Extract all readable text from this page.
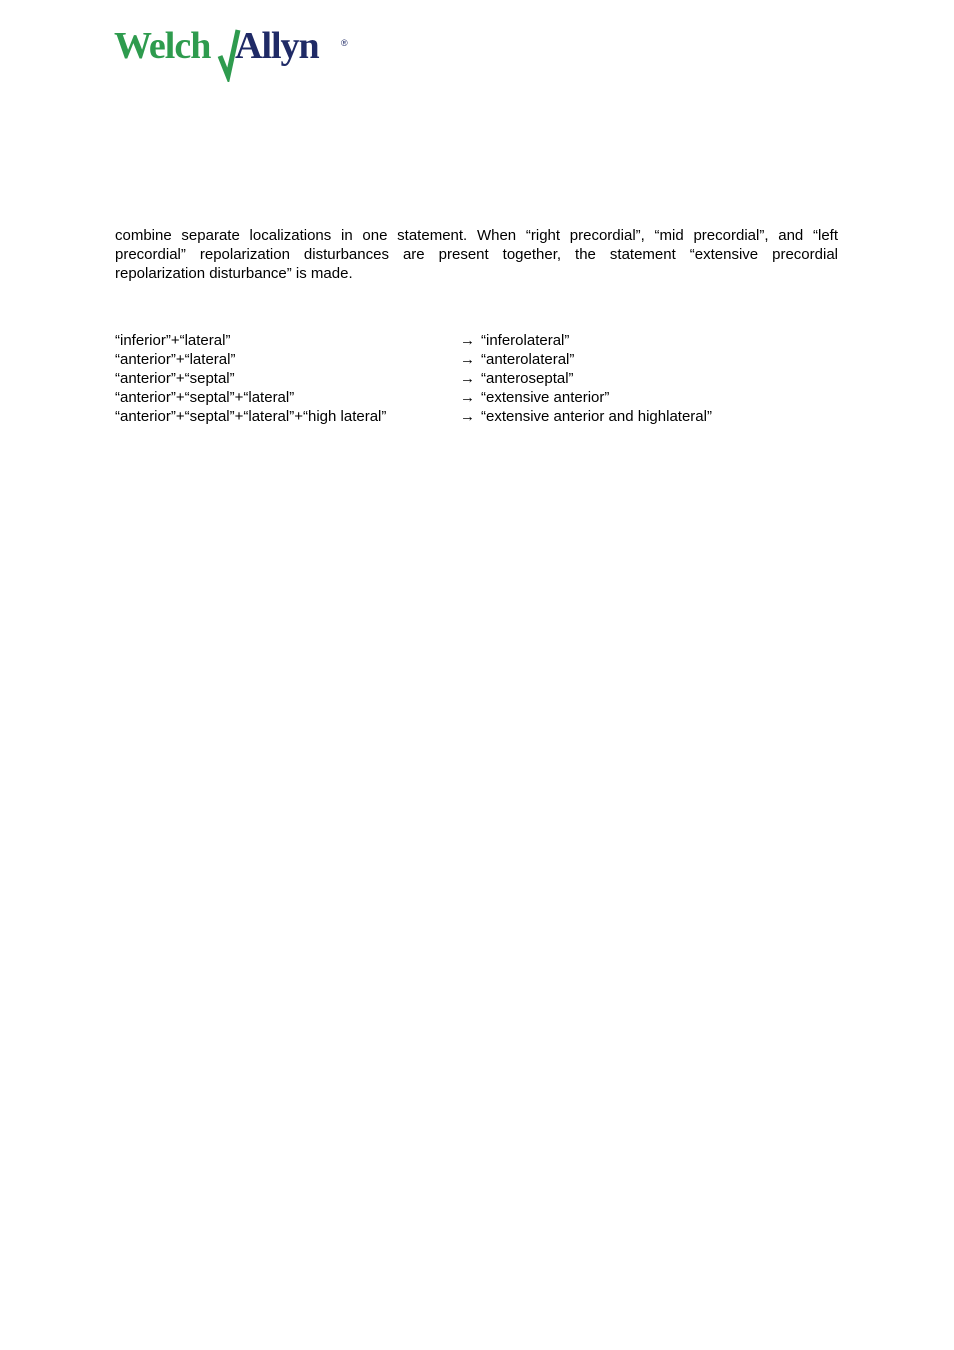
Welch Allyn ®

combine separate localizations in one statement. When “right precordial”, “mid precordial”, and “left precordial” repolarization disturbances are present together, the statement “extensive precordial repolarization disturbance” is made.

“inferior”+“lateral”	→ “inferolateral”
“anterior”+“lateral”	→ “anterolateral”
“anterior”+“septal”	→ “anteroseptal”
“anterior”+“septal”+“lateral”	→ “extensive anterior”
“anterior”+“septal”+“lateral”+“high lateral”	→ “extensive anterior and highlateral”
